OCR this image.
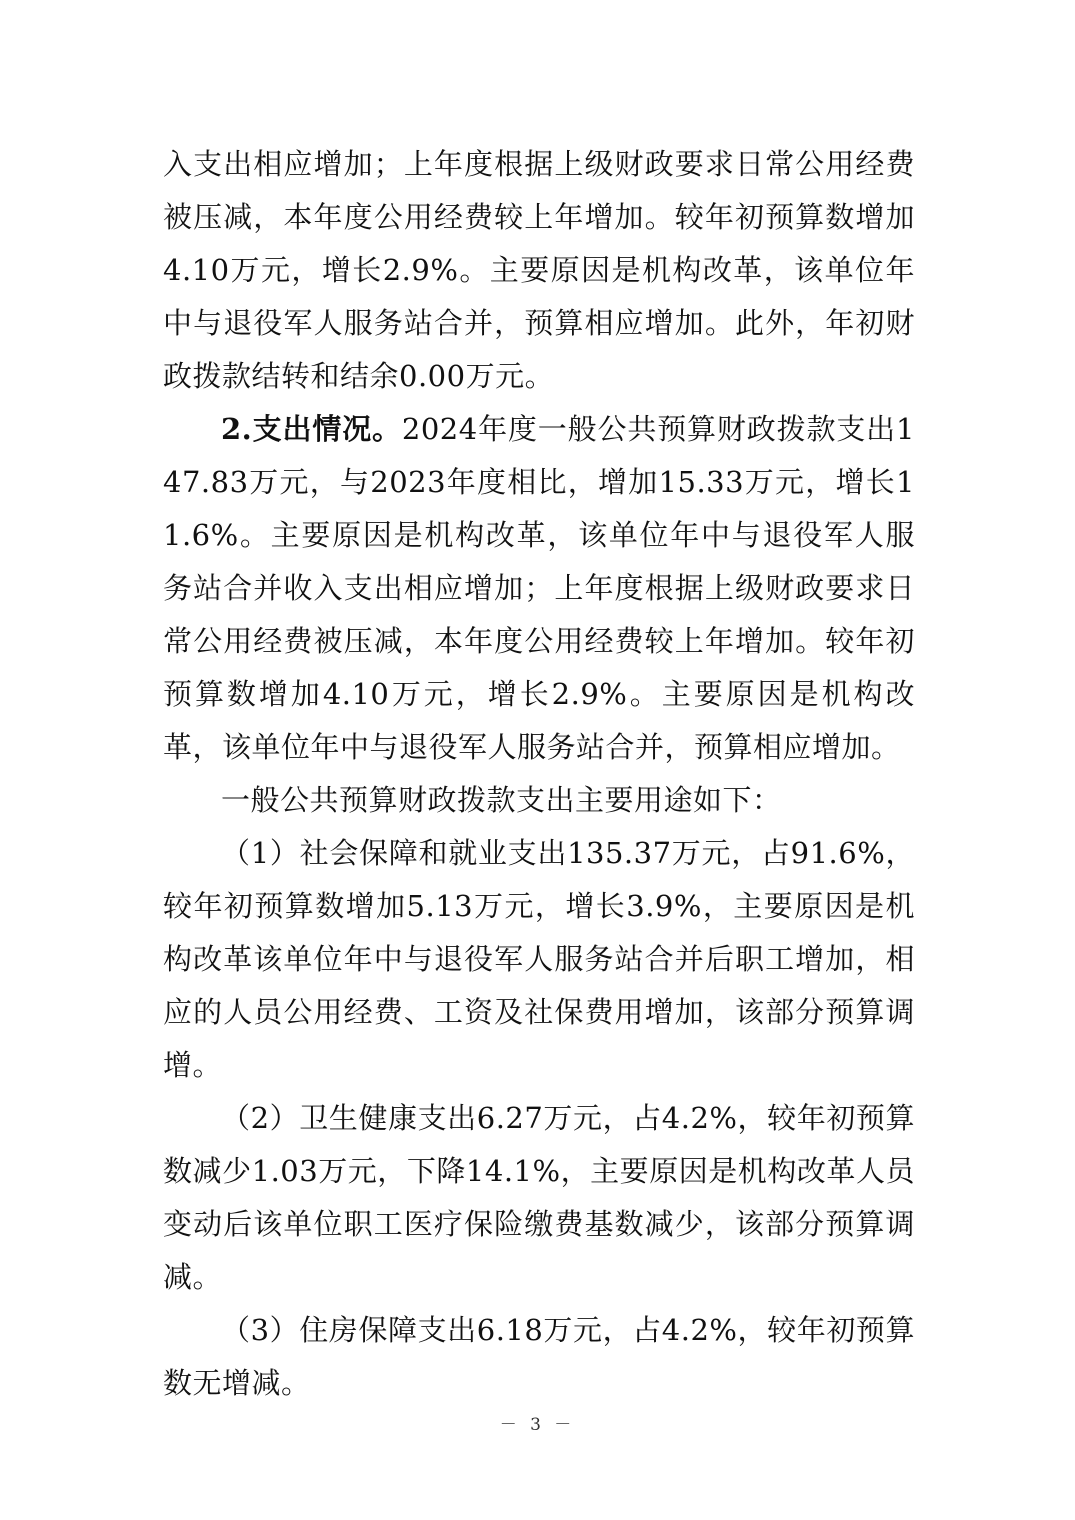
入支出相应增加；上年度根据上级财政要求日常公用经费被压减，本年度公用经费较上年增加。较年初预算数增加4.10万元，增长2.9%。主要原因是机构改革，该单位年中与退役军人服务站合并，预算相应增加。此外，年初财政拨款结转和结余0.00万元。

2.支出情况。2024年度一般公共预算财政拨款支出147.83万元，与2023年度相比，增加15.33万元，增长11.6%。主要原因是机构改革，该单位年中与退役军人服务站合并收入支出相应增加；上年度根据上级财政要求日常公用经费被压减，本年度公用经费较上年增加。较年初预算数增加4.10万元，增长2.9%。主要原因是机构改革，该单位年中与退役军人服务站合并，预算相应增加。

一般公共预算财政拨款支出主要用途如下：

（1）社会保障和就业支出135.37万元，占91.6%，较年初预算数增加5.13万元，增长3.9%，主要原因是机构改革该单位年中与退役军人服务站合并后职工增加，相应的人员公用经费、工资及社保费用增加，该部分预算调增。

（2）卫生健康支出6.27万元，占4.2%，较年初预算数减少1.03万元，下降14.1%，主要原因是机构改革人员变动后该单位职工医疗保险缴费基数减少，该部分预算调减。

（3）住房保障支出6.18万元，占4.2%，较年初预算数无增减。

－ 3 －
